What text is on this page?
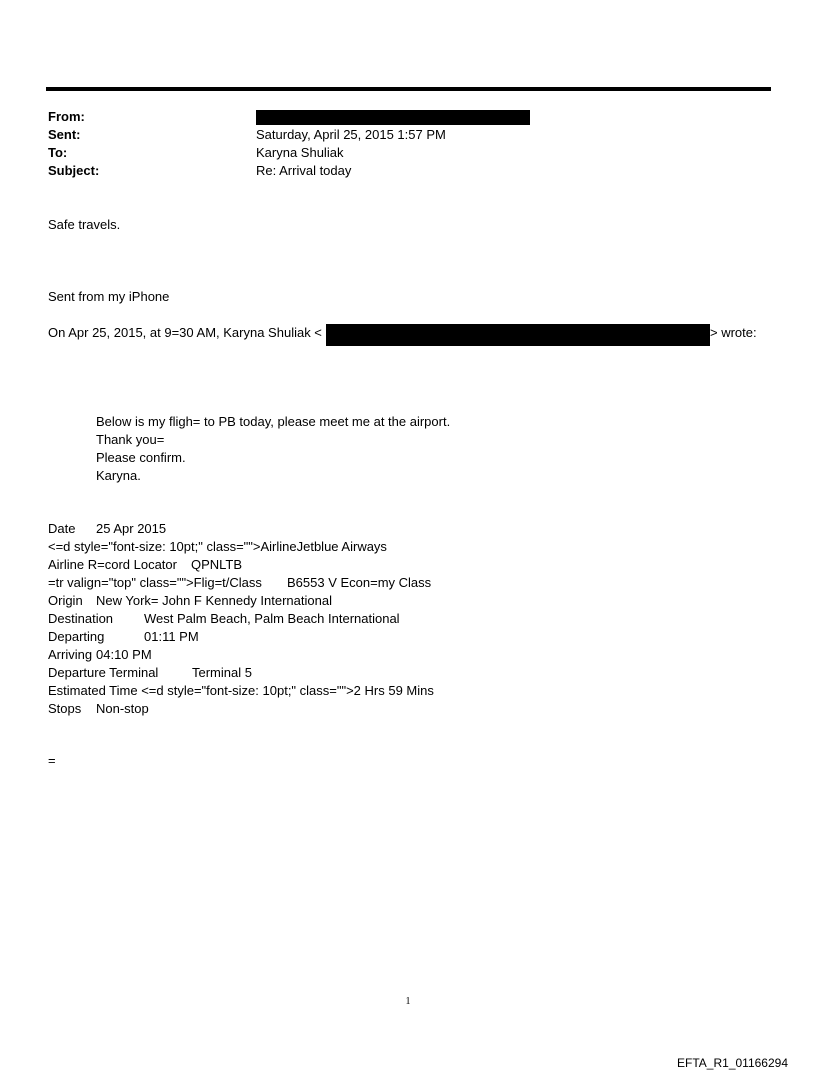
From:
Sent:	Saturday, April 25, 2015 1:57 PM
To:	Karyna Shuliak
Subject:	Re: Arrival today
Safe travels.
Sent from my iPhone
On Apr 25, 2015, at 9=30 AM, Karyna Shuliak <	> wrote:
Below is my fligh= to PB today, please meet me at the airport.
Thank you=
Please confirm.
Karyna.
Date 25 Apr 2015
<=d style="font-size: 10pt;" class="">AirlineJetblue Airways
Airline R=cord Locator QPNLTB
=tr valign="top" class="">Flig=t/Class B6553 V Econ=my Class
Origin New York= John F Kennedy International
Destination West Palm Beach, Palm Beach International
Departing	01:11 PM
Arriving 04:10 PM
Departure Terminal	Terminal 5
Estimated Time <=d style="font-size: 10pt;" class="">2 Hrs 59 Mins
Stops Non-stop
=
1
EFTA_R1_01166294
